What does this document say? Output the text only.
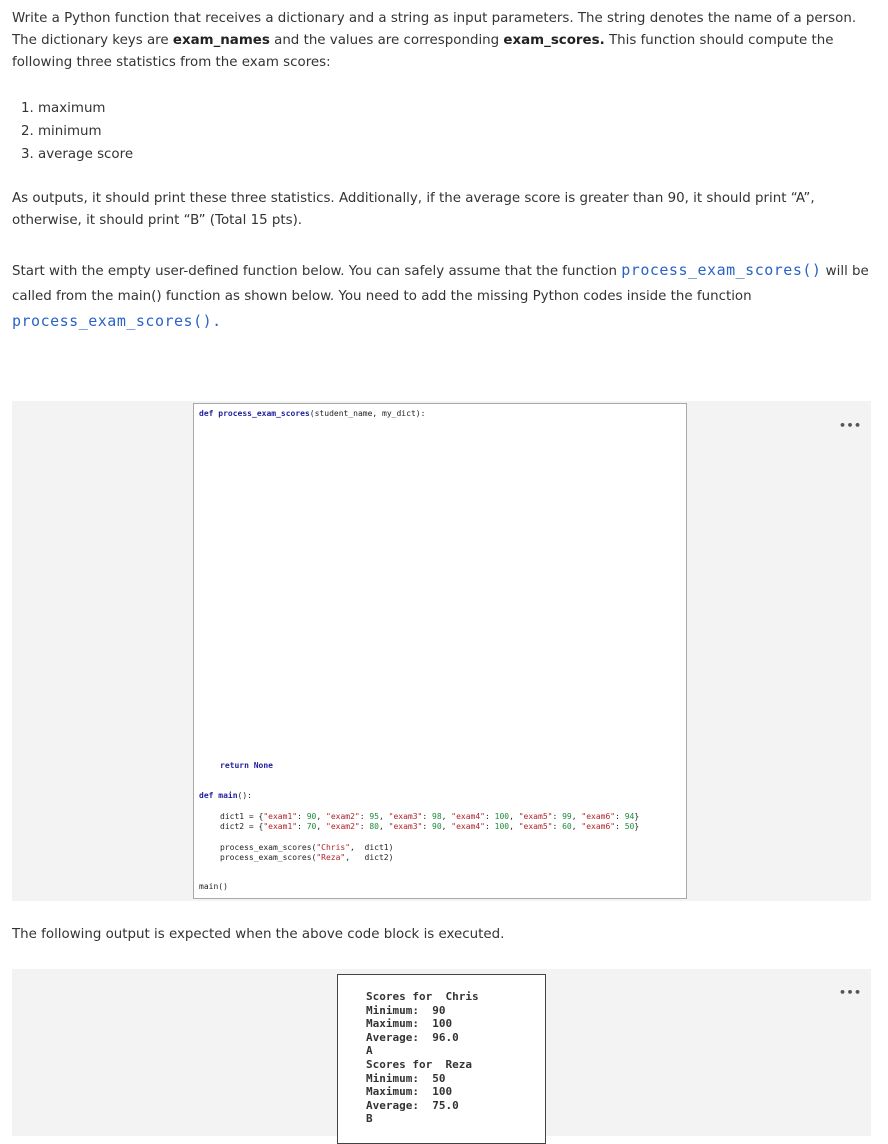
Write a Python function that receives a dictionary and a string as input parameters. The string denotes the name of a person. The dictionary keys are exam_names and the values are corresponding exam_scores. This function should compute the following three statistics from the exam scores:

1. maximum
2. minimum
3. average score

As outputs, it should print these three statistics. Additionally, if the average score is greater than 90, it should print “A”, otherwise, it should print “B” (Total 15 pts).

Start with the empty user-defined function below. You can safely assume that the function process_exam_scores() will be called from the main() function as shown below. You need to add the missing Python codes inside the function process_exam_scores().

•••
def process_exam_scores(student_name, my_dict):
return None
def main():
dict1 = {"exam1": 90, "exam2": 95, "exam3": 98, "exam4": 100, "exam5": 99, "exam6": 94}
dict2 = {"exam1": 70, "exam2": 80, "exam3": 90, "exam4": 100, "exam5": 60, "exam6": 50}
process_exam_scores("Chris",  dict1)
process_exam_scores("Reza",   dict2)
main()

The following output is expected when the above code block is executed.

•••
Scores for  Chris
Minimum:  90
Maximum:  100
Average:  96.0
A
Scores for  Reza
Minimum:  50
Maximum:  100
Average:  75.0
B
